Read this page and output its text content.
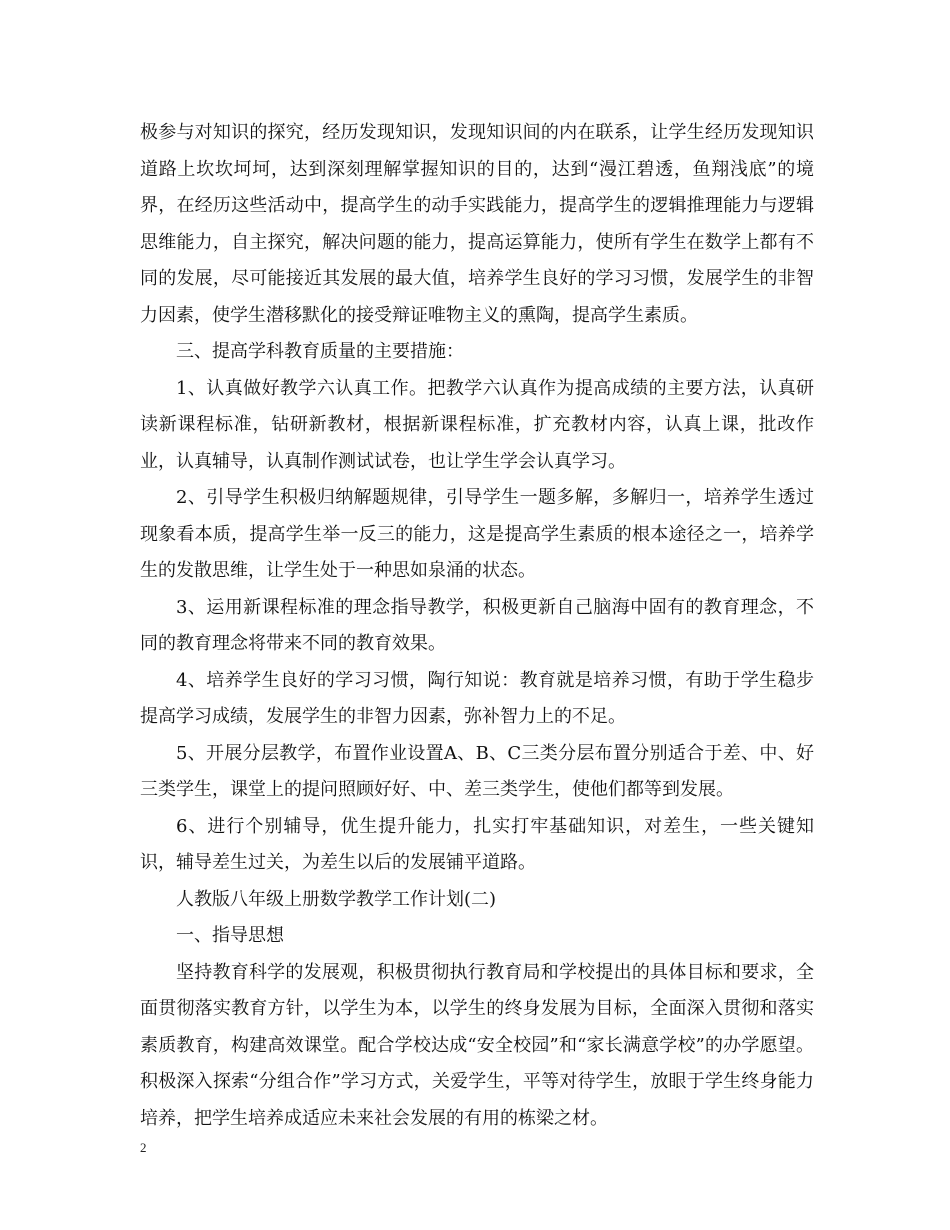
极参与对知识的探究，经历发现知识，发现知识间的内在联系，让学生经历发现知识道路上坎坎坷坷，达到深刻理解掌握知识的目的，达到“漫江碧透，鱼翔浅底”的境界，在经历这些活动中，提高学生的动手实践能力，提高学生的逻辑推理能力与逻辑思维能力，自主探究，解决问题的能力，提高运算能力，使所有学生在数学上都有不同的发展，尽可能接近其发展的最大值，培养学生良好的学习习惯，发展学生的非智力因素，使学生潜移默化的接受辩证唯物主义的熏陶，提高学生素质。

三、提高学科教育质量的主要措施：

1、认真做好教学六认真工作。把教学六认真作为提高成绩的主要方法，认真研读新课程标准，钻研新教材，根据新课程标准，扩充教材内容，认真上课，批改作业，认真辅导，认真制作测试试卷，也让学生学会认真学习。

2、引导学生积极归纳解题规律，引导学生一题多解，多解归一，培养学生透过现象看本质，提高学生举一反三的能力，这是提高学生素质的根本途径之一，培养学生的发散思维，让学生处于一种思如泉涌的状态。

3、运用新课程标准的理念指导教学，积极更新自己脑海中固有的教育理念，不同的教育理念将带来不同的教育效果。

4、培养学生良好的学习习惯，陶行知说：教育就是培养习惯，有助于学生稳步提高学习成绩，发展学生的非智力因素，弥补智力上的不足。

5、开展分层教学，布置作业设置A、B、C三类分层布置分别适合于差、中、好三类学生，课堂上的提问照顾好好、中、差三类学生，使他们都等到发展。

6、进行个别辅导，优生提升能力，扎实打牢基础知识，对差生，一些关键知识，辅导差生过关，为差生以后的发展铺平道路。

人教版八年级上册数学教学工作计划(二)

一、指导思想

坚持教育科学的发展观，积极贯彻执行教育局和学校提出的具体目标和要求，全面贯彻落实教育方针，以学生为本，以学生的终身发展为目标，全面深入贯彻和落实素质教育，构建高效课堂。配合学校达成“安全校园”和“家长满意学校”的办学愿望。积极深入探索“分组合作”学习方式，关爱学生，平等对待学生，放眼于学生终身能力培养，把学生培养成适应未来社会发展的有用的栋梁之材。

2
